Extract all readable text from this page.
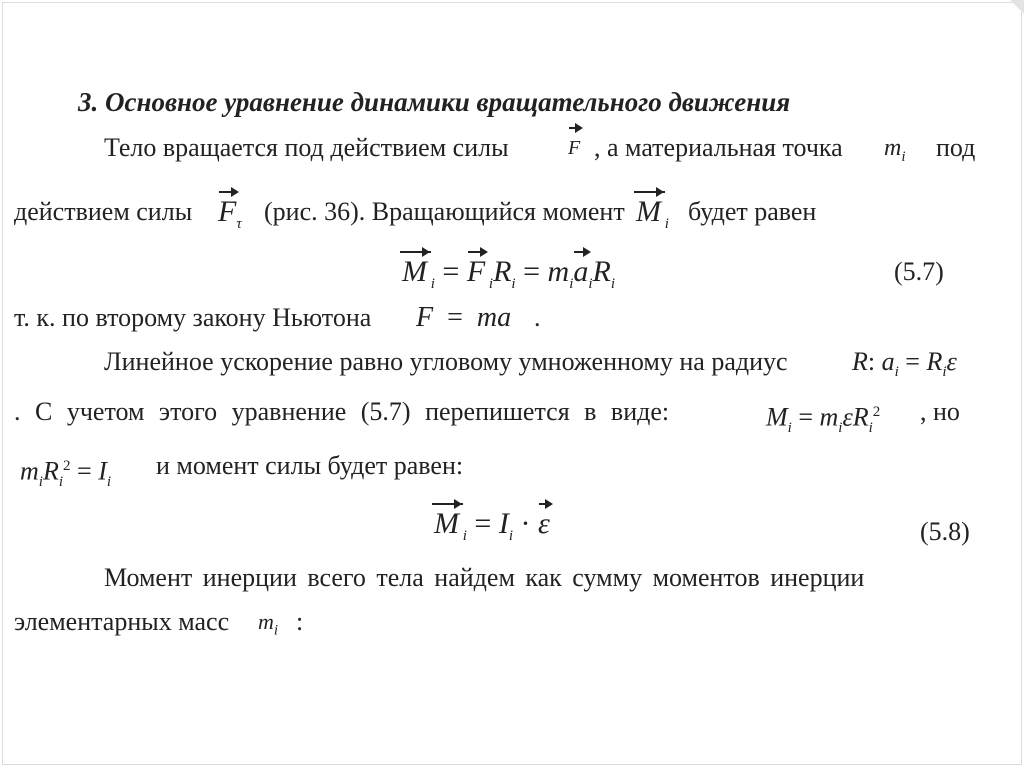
3. Основное уравнение динамики вращательного движения
Тело вращается под действием силы	F , а материальная точка $m_i$ под
действием силы $F_\tau$ (рис. 36). Вращающийся момент M $_i$ будет равен
M $_i$ = F $_iR_i = m_ia_iR_i$	(5.7)
т. к. по второму закону Ньютона F  =  ma .
Линейное ускорение равно угловому умноженному на радиус R: $a_i = R_i\varepsilon$
. С учетом этого уравнение (5.7) перепишется в виде:	$M_i = m_i\varepsilon R_i^2$ , но
$m_iR_i^2 = I_i$
и момент силы будет равен:
M $_i = I_i \cdot \varepsilon$	(5.8)
Момент инерции всего тела найдем как сумму моментов инерции
элементарных масс $m_i$ :
